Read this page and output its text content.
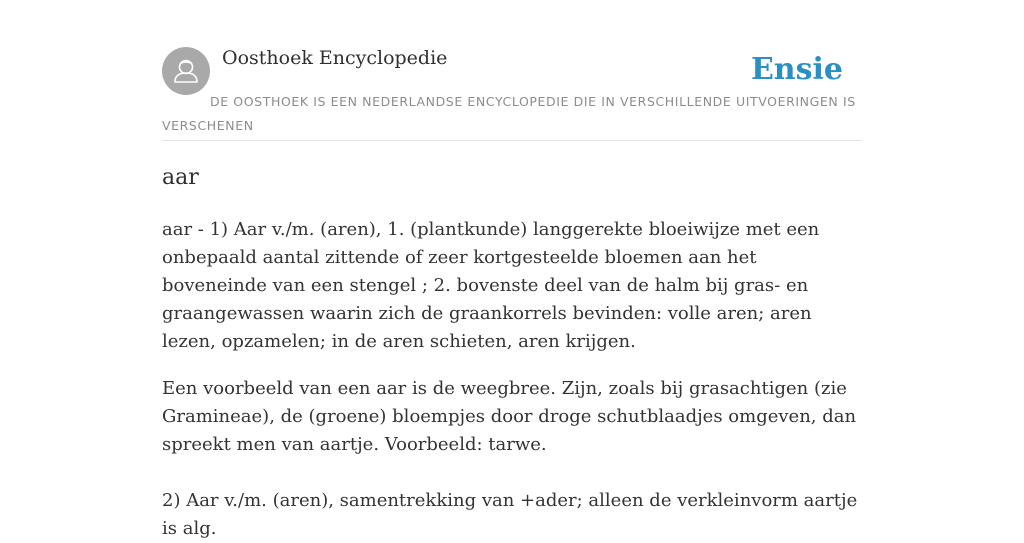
Oosthoek Encyclopedie	Ensie
DE OOSTHOEK IS EEN NEDERLANDSE ENCYCLOPEDIE DIE IN VERSCHILLENDE UITVOERINGEN IS VERSCHENEN
aar

aar - 1) Aar v./m. (aren), 1. (plantkunde) langgerekte bloeiwijze met een onbepaald aantal zittende of zeer kortgesteelde bloemen aan het boveneinde van een stengel ; 2. bovenste deel van de halm bij gras- en graangewassen waarin zich de graankorrels bevinden: volle aren; aren lezen, opzamelen; in de aren schieten, aren krijgen.

Een voorbeeld van een aar is de weegbree. Zijn, zoals bij grasachtigen (zie Gramineae), de (groene) bloempjes door droge schutblaadjes omgeven, dan spreekt men van aartje. Voorbeeld: tarwe.

2) Aar v./m. (aren), samentrekking van +ader; alleen de verkleinvorm aartje is alg.
